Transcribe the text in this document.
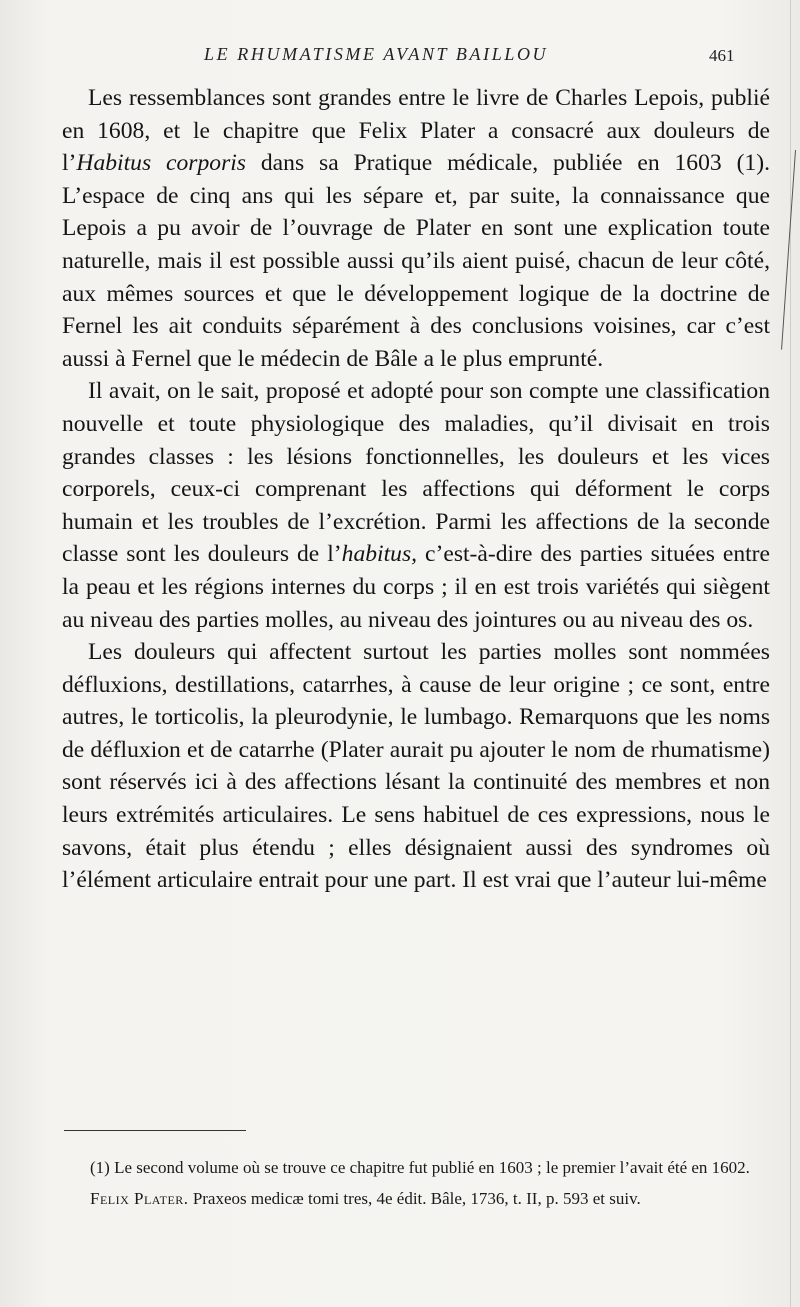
LE RHUMATISME AVANT BAILLOU	461

Les ressemblances sont grandes entre le livre de Charles Lepois, publié en 1608, et le chapitre que Felix Plater a consacré aux douleurs de l’Habitus corporis dans sa Pratique médicale, publiée en 1603 (1). L’espace de cinq ans qui les sépare et, par suite, la connaissance que Lepois a pu avoir de l’ouvrage de Plater en sont une explication toute naturelle, mais il est possible aussi qu’ils aient puisé, chacun de leur côté, aux mêmes sources et que le développement logique de la doctrine de Fernel les ait conduits séparément à des conclusions voisines, car c’est aussi à Fernel que le médecin de Bâle a le plus emprunté.

Il avait, on le sait, proposé et adopté pour son compte une classification nouvelle et toute physiologique des maladies, qu’il divisait en trois grandes classes : les lésions fonctionnelles, les douleurs et les vices corporels, ceux-ci comprenant les affections qui déforment le corps humain et les troubles de l’excrétion. Parmi les affections de la seconde classe sont les douleurs de l’habitus, c’est-à-dire des parties situées entre la peau et les régions internes du corps ; il en est trois variétés qui siègent au niveau des parties molles, au niveau des jointures ou au niveau des os.

Les douleurs qui affectent surtout les parties molles sont nommées défluxions, destillations, catarrhes, à cause de leur origine ; ce sont, entre autres, le torticolis, la pleurodynie, le lumbago. Remarquons que les noms de défluxion et de catarrhe (Plater aurait pu ajouter le nom de rhumatisme) sont réservés ici à des affections lésant la continuité des membres et non leurs extrémités articulaires. Le sens habituel de ces expressions, nous le savons, était plus étendu ; elles désignaient aussi des syndromes où l’élément articulaire entrait pour une part. Il est vrai que l’auteur lui-même

(1) Le second volume où se trouve ce chapitre fut publié en 1603 ; le premier l’avait été en 1602.

Felix Plater. Praxeos medicæ tomi tres, 4e édit. Bâle, 1736, t. II, p. 593 et suiv.
